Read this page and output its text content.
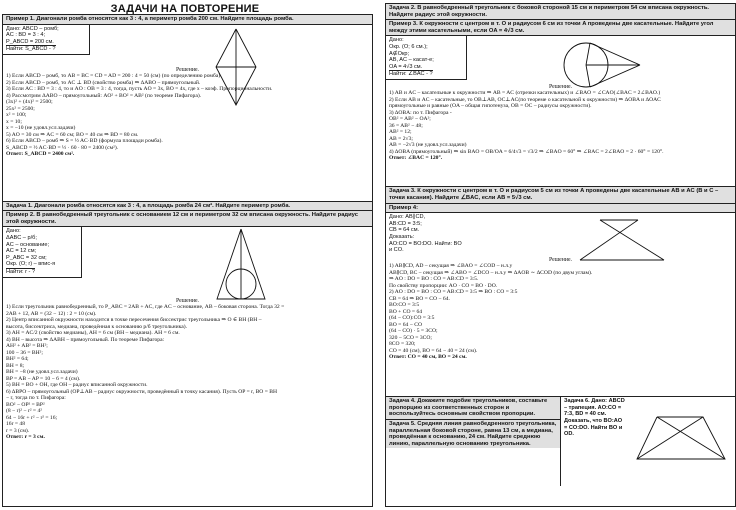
ЗАДАЧИ НА ПОВТОРЕНИЕ
Пример 1. Диагонали ромба относятся как 3 : 4, а периметр ромба 200 см. Найдите площадь ромба.
Дано: ABCD – ромб;
AC : BD = 3 : 4;
P_ABCD = 200 см.
Найти: S_ABCD - ?
Решение.
1) Если ABCD – ромб, то AB = BC = CD = AD = 200 : 4 = 50 (см) (по определению ромба).
2) Если ABCD – ромб, то AC ⊥ BD (свойство ромба) ⇒ ΔABO – прямоугольный.
3) Если AC : BD = 3 : 4, то и AO : OB = 3 : 4, тогда, пусть AO = 3x, BO = 4x, где x – коэф. Пропорциональности.
4) Рассмотрим ΔABO – прямоугольный: AO² + BO² = AB² (по теореме Пифагора).
(3x)² + (4x)² = 2500;
25x² = 2500;
x² = 100;
x = 10;
x = −10 (не удовл.усл.задачи)
5) AO = 30 см ⇒ AC = 60 см; BO = 40 см ⇒ BD = 80 см.
6) Если ABCD – ромб ⇒ S = ½ AC·BD (формула площади ромба).
S_ABCD = ½ AC·BD = ½ · 60 · 80 = 2400 (см²).
Ответ: S_ABCD = 2400 см².
Задача 1. Диагонали ромба относятся как 3 : 4, а площадь ромба 24 см². Найдите периметр ромба.
Пример 2. В равнобедренный треугольник с основанием 12 см и периметром 32 см вписана окружность. Найдите радиус этой окружности.
Дано:
ΔABC – р/б;
AC – основание;
AC = 12 см;
P_ABC = 32 см;
Окр. (O; r) – впис-я
Найти: r - ?
Решение.
1) Если треугольник равнобедренный, то P_ABC = 2AB + AC, где AC – основание, AB – боковая сторона. Тогда 32 =
2AB + 12, AB = (32 − 12) : 2 = 10 (см).
2) Центр вписанной окружности находится в точке пересечения биссектрис треугольника ⇒ O ∈ BH (BH –
высота, биссектриса, медиана, проведённая к основанию р/б треугольника).
3) AH = AC/2 (свойство медианы), AH = 6 см (BH – медиана). AH = 6 см.
4) BH – высота ⇒ ΔABH – прямоугольный. По теореме Пифагора:
AH² + AB² = BH²;
100 − 36 = BH²;
BH² = 64;
BH = 8;
BH = −8 (не удовл.усл.задачи)
BP = AB − AP = 10 − 6 = 4 (см).
5) BH = BO + OH, где OH – радиус вписанной окружности.
6) ΔBPO – прямоугольный (OP⊥AB – радиус окружности, проведённый в точку касания). Пусть OP = r, BO = BH
− r, тогда по т. Пифагора:
BO² − OP² = BP²
(8 − r)² − r² = 4²
64 − 16r + r² − r² = 16;
16r = 48
r = 3 (см).
Ответ: r = 3 см.
Задача 2. В равнобедренный треугольник с боковой стороной 15 см и периметром 54 см вписана окружность. Найдите радиус этой окружности.
Пример 3. К окружности с центром в т. O и радиусом 6 см из точки A проведены две касательные. Найдите угол между этими касательными, если OA = 4√3 см.
Дано:
Окр. (O; 6 см.);
A∉Окр;
AB, AC – касат-е;
OA = 4√3 см.
Найти: ∠BAC - ?
Решение.
1) AB и AC – касательные к окружности ⇒ AB = AC (отрезки касательных) и ∠BAO = ∠CAO(∠BAC = 2∠BAO.)
2) Если AB и AC – касательные, то OB⊥AB, OC⊥AC(по теореме о касательной к окружности) ⇒ ΔOBA и ΔOAC
прямоугольные и равные (OA – общая гипотенуза, OB = OC – радиусы окружности).
3) ΔOBA: по т. Пифагора -
OB² = AB² − OA²;
36 = AB² − 48;
AB² = 12;
AB = 2√3;
AB = −2√3 (не удовл.усл.задачи)
4) ΔOBA (прямоугольный) ⇒ sin BAO = OB/OA = 6/4√3 = √3/2 ⇒ ∠BAO = 60° ⇒ ∠BAC = 2∠BAO = 2 · 60° = 120°.
Ответ: ∠BAC = 120°.
Задача 3. К окружности с центром в т. O и радиусом 5 см из точки A проведены две касательные AB и AC (B и C – точки касания). Найдите ∠BAC, если AB = 5√3 см.
Пример 4:
Дано: AB∥CD,
AB:CD = 3:5;
CB = 64 см.
Доказать:
AO:CO = BO:DO. Найти: BO
и CO.
Решение.
1) AB∥CD, AD – секущая ⇒ ∠BAO = ∠COD – н.л.у
AB∥CD, BC – секущая ⇒ ∠ABO = ∠DCO – н.л.у ⇒ ΔAOB ∼ ΔCOD (по двум углам).
⇒ AO : DO = BO : CO = AB:CD = 3:5.
По свойству пропорции: AO · CO = BO · DO.
2) AO : DO = BO : CO = AB:CD = 3:5 ⇒ BO : CO = 3:5
CB = 64 ⇒ BO = CO − 64.
BO:CO = 3:5
BO + CO = 64
(64 − CO):CO = 3:5
BO = 64 − CO
(64 − CO) · 5 = 3CO;
320 − 5CO = 3CO;
8CO = 320;
CO = 40 (см), BO = 64 − 40 = 24 (см).
Ответ: CO = 40 см, BO = 24 см.
Задача 4. Докажите подобие треугольников, составьте пропорцию из соответственных сторон и воспользуйтесь основным свойством пропорции.
Задача 5. Средняя линия равнобедренного треугольника, параллельная боковой стороне, равна 13 см, а медиана, проведённая к основанию, 24 см. Найдите среднюю линию, параллельную основанию треугольника.
Задача 6. Дано: ABCD – трапеция. AO:CO = 7:3, BD = 40 см. Доказать, что BO:AO = CO:DO. Найти BO и OD.
